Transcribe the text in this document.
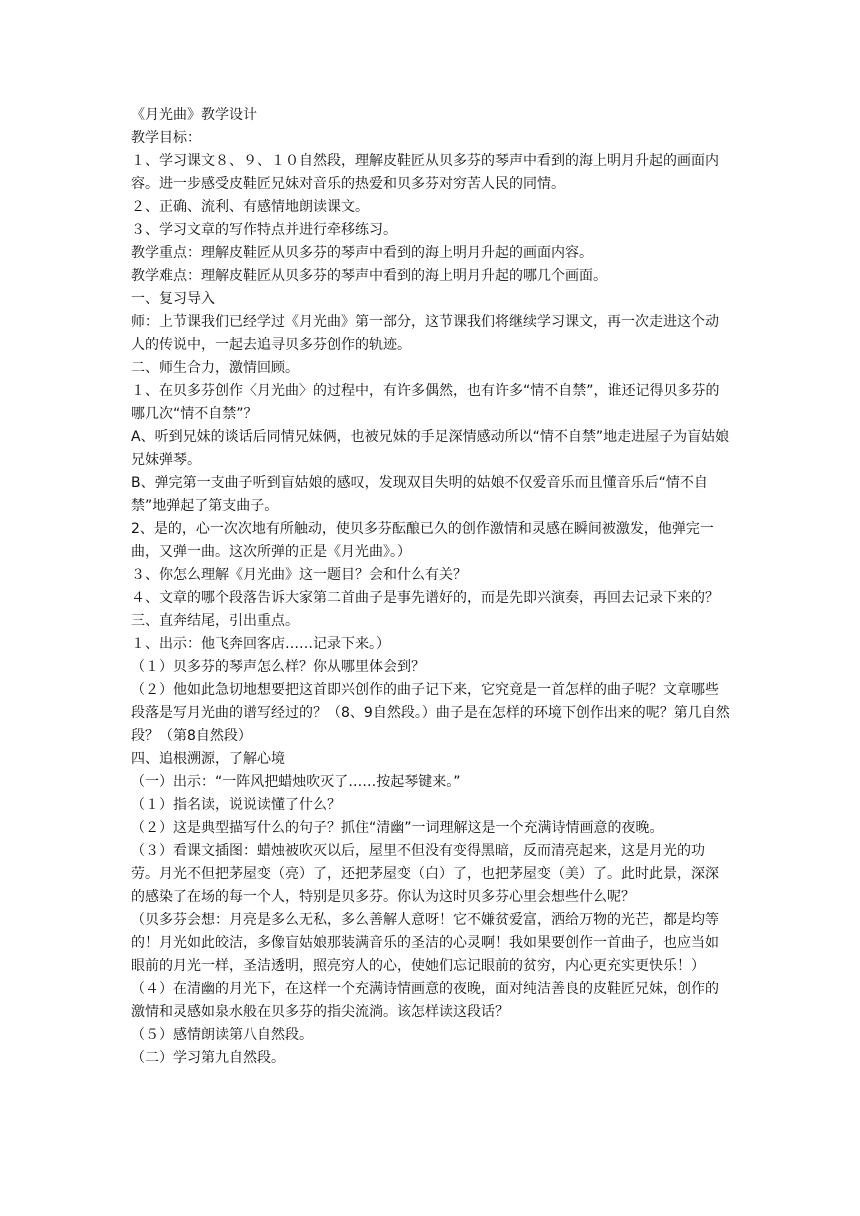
《月光曲》教学设计

教学目标：

１、学习课文８、９、１０自然段，理解皮鞋匠从贝多芬的琴声中看到的海上明月升起的画面内容。进一步感受皮鞋匠兄妹对音乐的热爱和贝多芬对穷苦人民的同情。

２、正确、流利、有感情地朗读课文。

３、学习文章的写作特点并进行牵移练习。

教学重点：理解皮鞋匠从贝多芬的琴声中看到的海上明月升起的画面内容。

教学难点：理解皮鞋匠从贝多芬的琴声中看到的海上明月升起的哪几个画面。

一、复习导入

师：上节课我们已经学过《月光曲》第一部分，这节课我们将继续学习课文，再一次走进这个动人的传说中，一起去追寻贝多芬创作的轨迹。

二、师生合力，激情回顾。

１、在贝多芬创作〈月光曲〉的过程中，有许多偶然，也有许多“情不自禁”，谁还记得贝多芬的哪几次“情不自禁”？

A、听到兄妹的谈话后同情兄妹俩，也被兄妹的手足深情感动所以“情不自禁”地走进屋子为盲姑娘兄妹弹琴。

B、弹完第一支曲子听到盲姑娘的感叹，发现双目失明的姑娘不仅爱音乐而且懂音乐后“情不自禁”地弹起了第支曲子。

2、是的，心一次次地有所触动，使贝多芬酝酿已久的创作激情和灵感在瞬间被激发，他弹完一曲，又弹一曲。这次所弹的正是《月光曲》。）

３、你怎么理解《月光曲》这一题目？会和什么有关？

４、文章的哪个段落告诉大家第二首曲子是事先谱好的，而是先即兴演奏，再回去记录下来的？

三、直奔结尾，引出重点。

１、出示：他飞奔回客店……记录下来。）

（１）贝多芬的琴声怎么样？你从哪里体会到？

（２）他如此急切地想要把这首即兴创作的曲子记下来，它究竟是一首怎样的曲子呢？文章哪些段落是写月光曲的谱写经过的？（8、9自然段。）曲子是在怎样的环境下创作出来的呢？第几自然段？（第8自然段）

四、追根溯源，了解心境

（一）出示：“一阵风把蜡烛吹灭了……按起琴键来。”

（１）指名读，说说读懂了什么？

（２）这是典型描写什么的句子？抓住“清幽”一词理解这是一个充满诗情画意的夜晚。

（３）看课文插图：蜡烛被吹灭以后，屋里不但没有变得黑暗，反而清亮起来，这是月光的功劳。月光不但把茅屋变（亮）了，还把茅屋变（白）了，也把茅屋变（美）了。此时此景，深深的感染了在场的每一个人，特别是贝多芬。你认为这时贝多芬心里会想些什么呢？

（贝多芬会想：月亮是多么无私，多么善解人意呀！它不嫌贫爱富，洒给万物的光芒，都是均等的！月光如此皎洁，多像盲姑娘那装满音乐的圣洁的心灵啊！我如果要创作一首曲子，也应当如眼前的月光一样，圣洁透明，照亮穷人的心，使她们忘记眼前的贫穷，内心更充实更快乐！）

（４）在清幽的月光下，在这样一个充满诗情画意的夜晚，面对纯洁善良的皮鞋匠兄妹，创作的激情和灵感如泉水般在贝多芬的指尖流淌。该怎样读这段话？

（５）感情朗读第八自然段。

（二）学习第九自然段。
